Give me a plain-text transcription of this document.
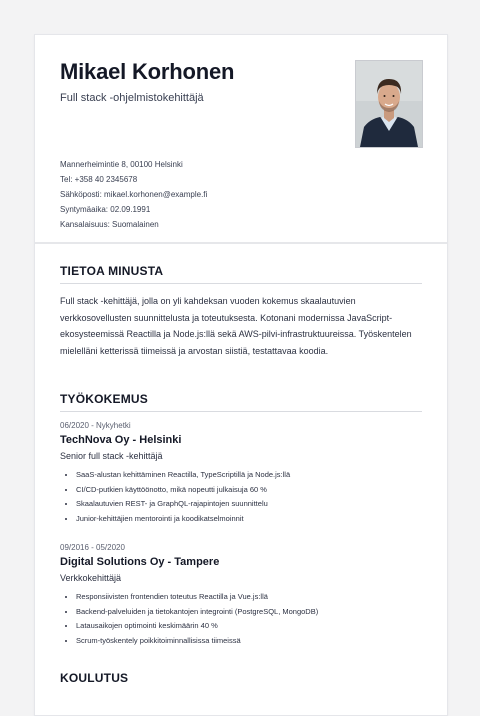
Mikael Korhonen
Full stack -ohjelmistokehittäjä
Mannerheimintie 8, 00100 Helsinki
Tel: +358 40 2345678
Sähköposti: mikael.korhonen@example.fi
Syntymäaika: 02.09.1991
Kansalaisuus: Suomalainen
TIETOA MINUSTA
Full stack -kehittäjä, jolla on yli kahdeksan vuoden kokemus skaalautuvien verkkosovellusten suunnittelusta ja toteutuksesta. Kotonani modernissa JavaScript-ekosysteemissä Reactilla ja Node.js:llä sekä AWS-pilvi-infrastruktuureissa. Työskentelen mielelläni ketterissä tiimeissä ja arvostan siistiä, testattavaa koodia.
TYÖKOKEMUS
06/2020 - Nykyhetki
TechNova Oy - Helsinki
Senior full stack -kehittäjä
• SaaS-alustan kehittäminen Reactilla, TypeScriptillä ja Node.js:llä
• CI/CD-putkien käyttöönotto, mikä nopeutti julkaisuja 60 %
• Skaalautuvien REST- ja GraphQL-rajapintojen suunnittelu
• Junior-kehittäjien mentorointi ja koodikatselmoinnit
09/2016 - 05/2020
Digital Solutions Oy - Tampere
Verkkokehittäjä
• Responsiivisten frontendien toteutus Reactilla ja Vue.js:llä
• Backend-palveluiden ja tietokantojen integrointi (PostgreSQL, MongoDB)
• Latausaikojen optimointi keskimäärin 40 %
• Scrum-työskentely poikkitoiminnallisissa tiimeissä
KOULUTUS
